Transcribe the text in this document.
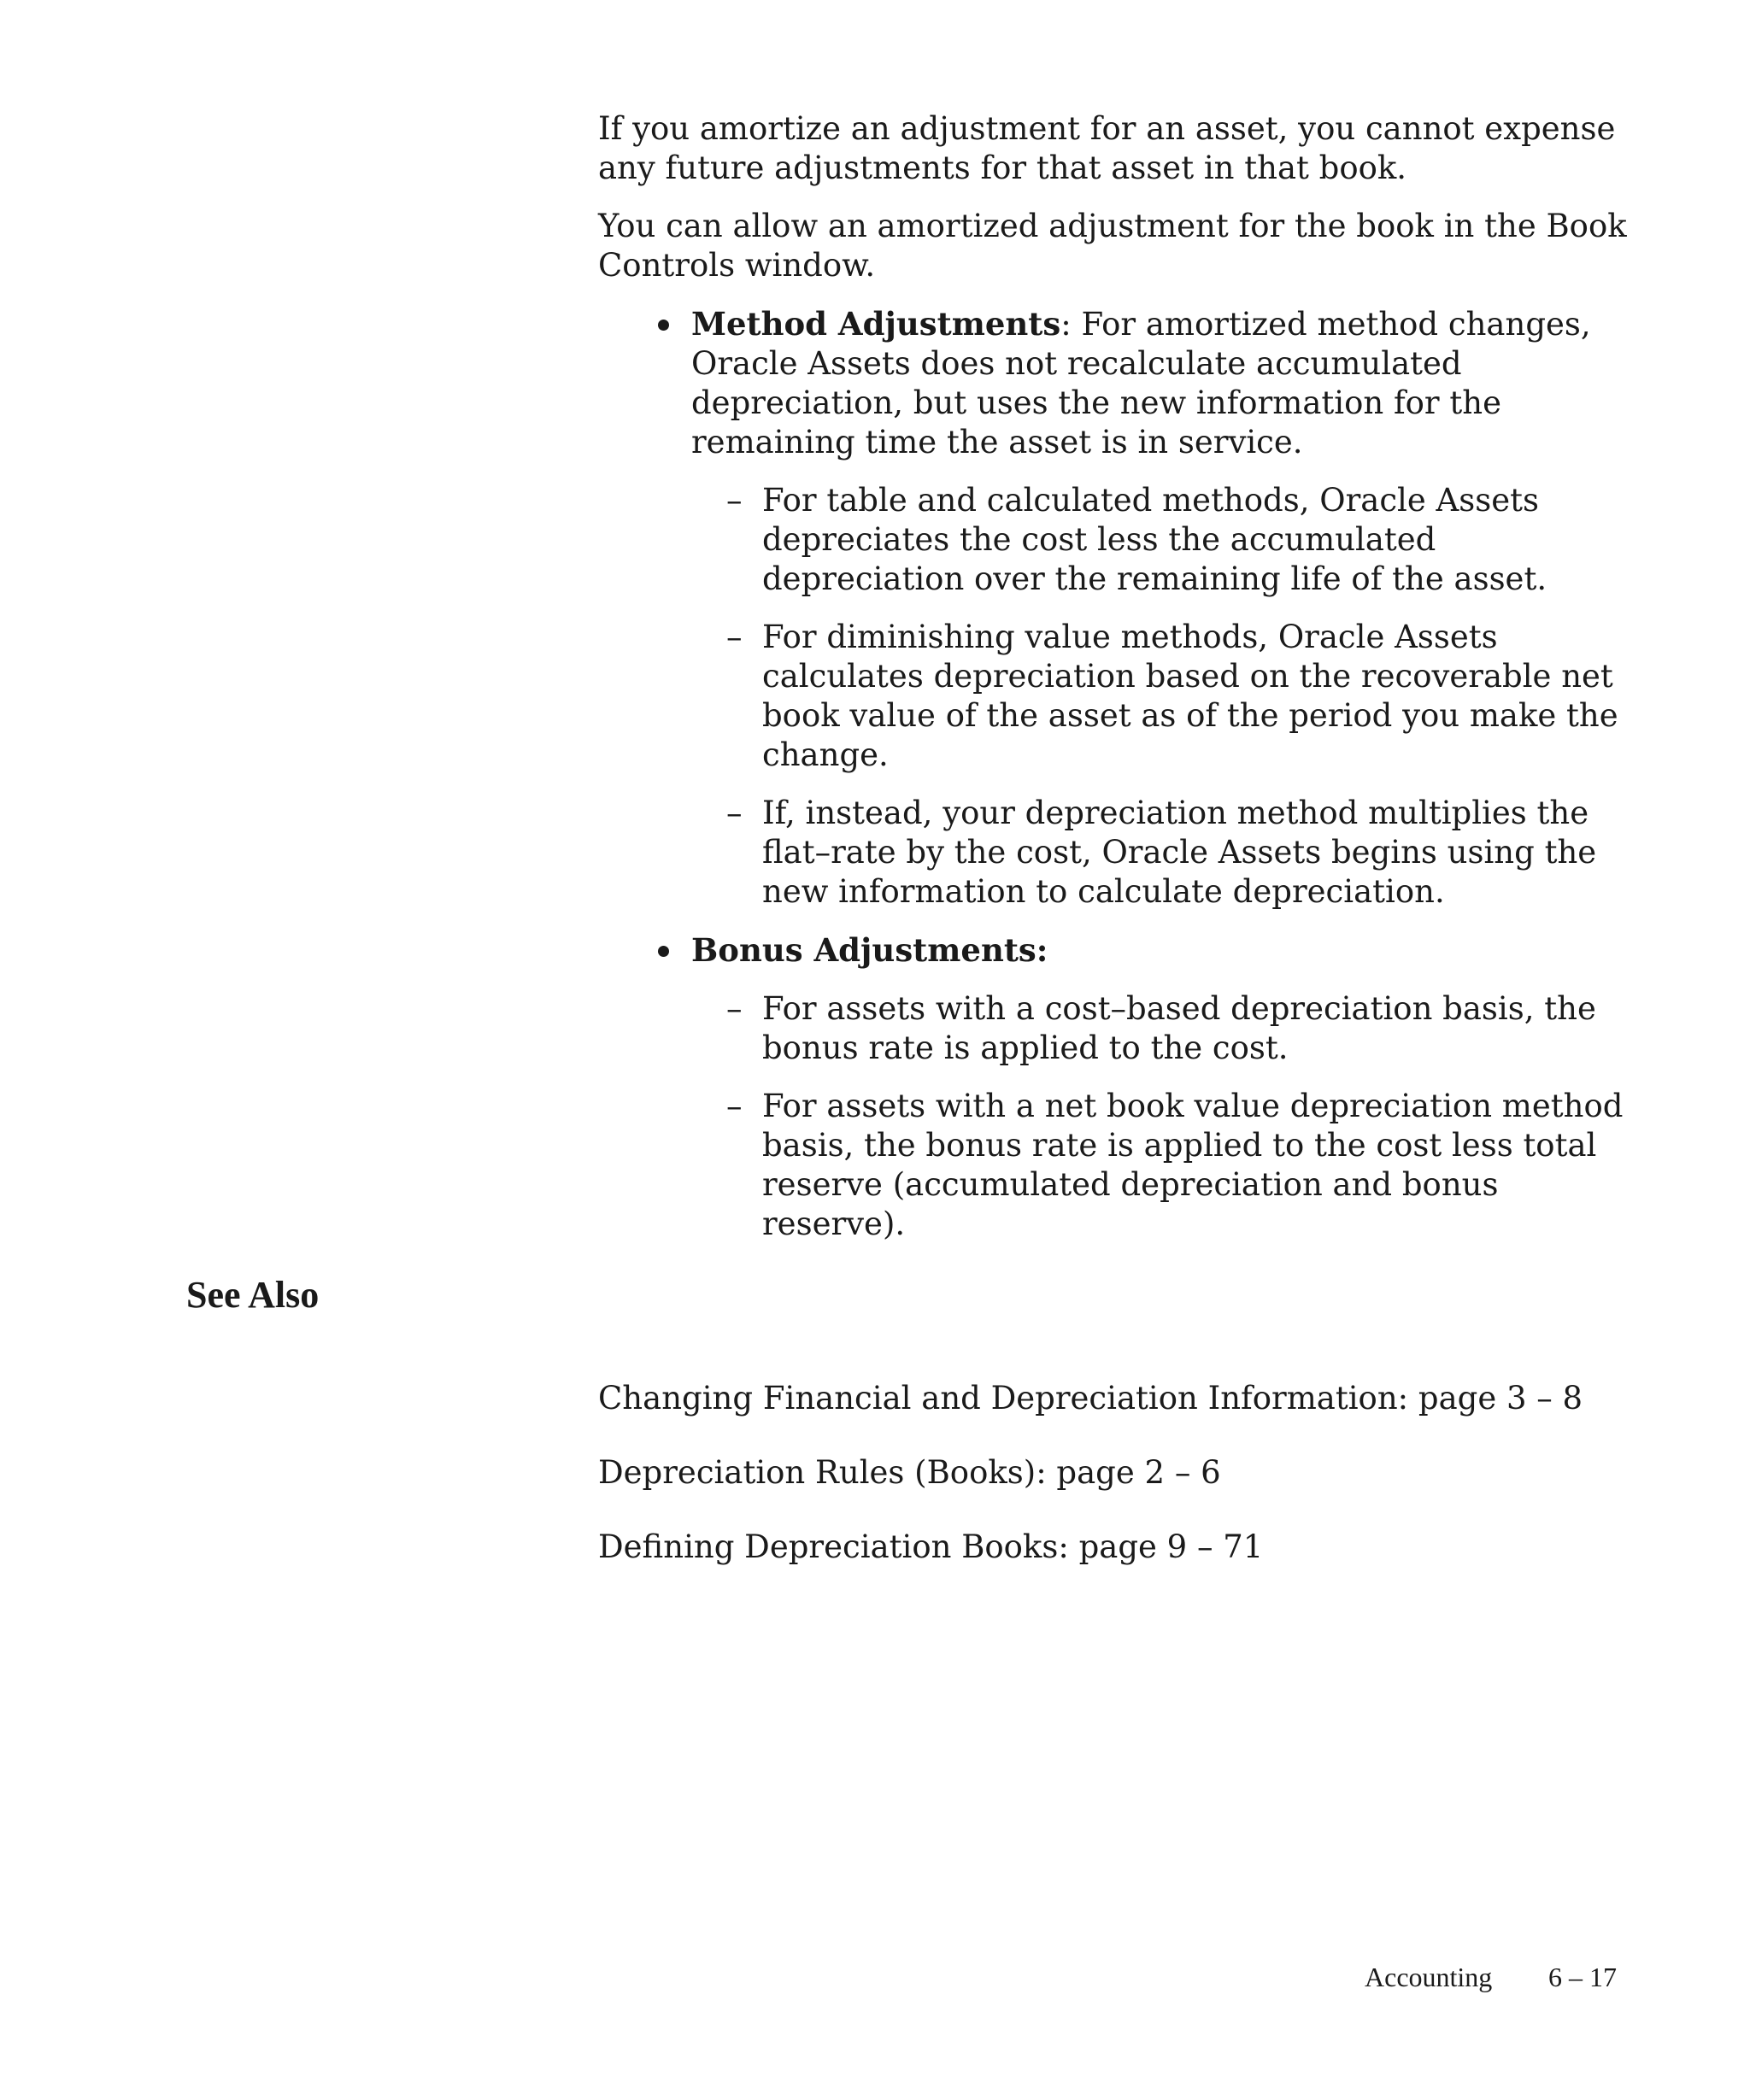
If you amortize an adjustment for an asset, you cannot expense any future adjustments for that asset in that book.

You can allow an amortized adjustment for the book in the Book Controls window.

Method Adjustments: For amortized method changes, Oracle Assets does not recalculate accumulated depreciation, but uses the new information for the remaining time the asset is in service.
– For table and calculated methods, Oracle Assets depreciates the cost less the accumulated depreciation over the remaining life of the asset.
– For diminishing value methods, Oracle Assets calculates depreciation based on the recoverable net book value of the asset as of the period you make the change.
– If, instead, your depreciation method multiplies the flat–rate by the cost, Oracle Assets begins using the new information to calculate depreciation.
Bonus Adjustments:
– For assets with a cost–based depreciation basis, the bonus rate is applied to the cost.
– For assets with a net book value depreciation method basis, the bonus rate is applied to the cost less total reserve (accumulated depreciation and bonus reserve).
See Also
Changing Financial and Depreciation Information: page 3 – 8
Depreciation Rules (Books): page 2 – 6
Defining Depreciation Books: page 9 – 71
Accounting 6 – 17
